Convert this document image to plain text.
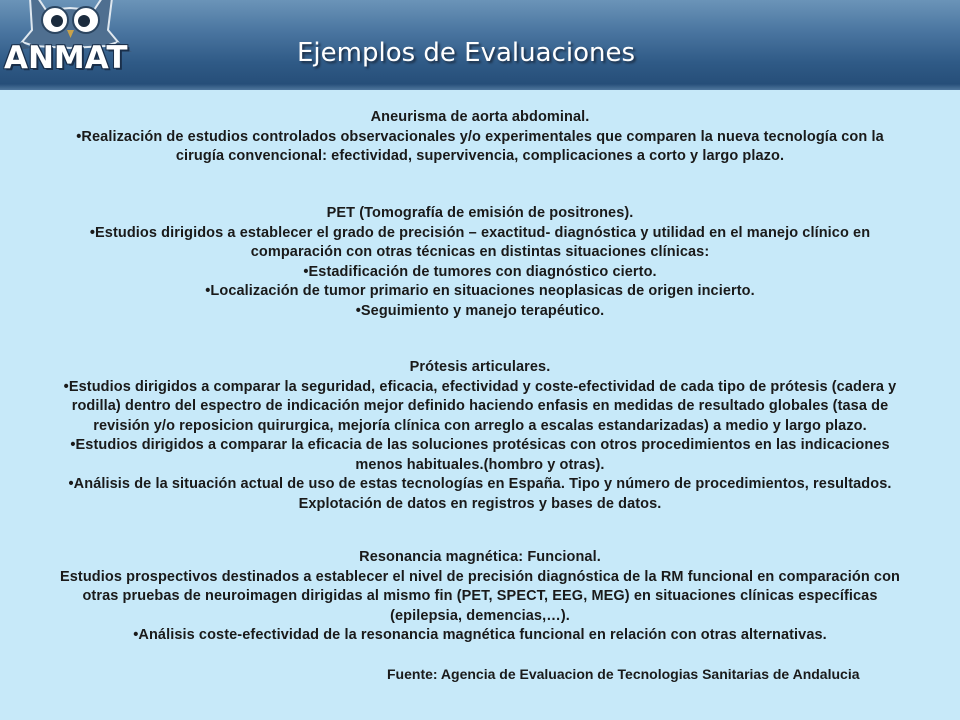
ANMAT	Ejemplos de Evaluaciones
Aneurisma de aorta abdominal.
•Realización de estudios controlados observacionales y/o experimentales que comparen la nueva tecnología con la
cirugía convencional: efectividad, supervivencia, complicaciones a corto y largo plazo.
PET (Tomografía de emisión de positrones).
•Estudios dirigidos a establecer el grado de precisión – exactitud- diagnóstica y utilidad en el manejo clínico en
comparación con otras técnicas en distintas situaciones clínicas:
•Estadificación de tumores con diagnóstico cierto.
•Localización de tumor primario en situaciones neoplasicas de origen incierto.
•Seguimiento y manejo terapéutico.
Prótesis articulares.
•Estudios dirigidos a comparar la seguridad, eficacia, efectividad y coste-efectividad de cada tipo de prótesis (cadera y
rodilla) dentro del espectro de indicación mejor definido haciendo enfasis en medidas de resultado globales (tasa de
revisión y/o reposicion quirurgica, mejoría clínica con arreglo a escalas estandarizadas) a medio y largo plazo.
•Estudios dirigidos a comparar la eficacia de las soluciones protésicas con otros procedimientos en las indicaciones
menos habituales.(hombro y otras).
•Análisis de la situación actual de uso de estas tecnologías en España. Tipo y número de procedimientos, resultados.
Explotación de datos en registros y bases de datos.
Resonancia magnética: Funcional.
Estudios prospectivos destinados a establecer el nivel de precisión diagnóstica de la RM funcional en comparación con
otras pruebas de neuroimagen dirigidas al mismo fin (PET, SPECT, EEG, MEG) en situaciones clínicas específicas
(epilepsia, demencias,…).
•Análisis coste-efectividad de la resonancia magnética funcional en relación con otras alternativas.
Fuente: Agencia de Evaluacion de Tecnologias Sanitarias de Andalucia
